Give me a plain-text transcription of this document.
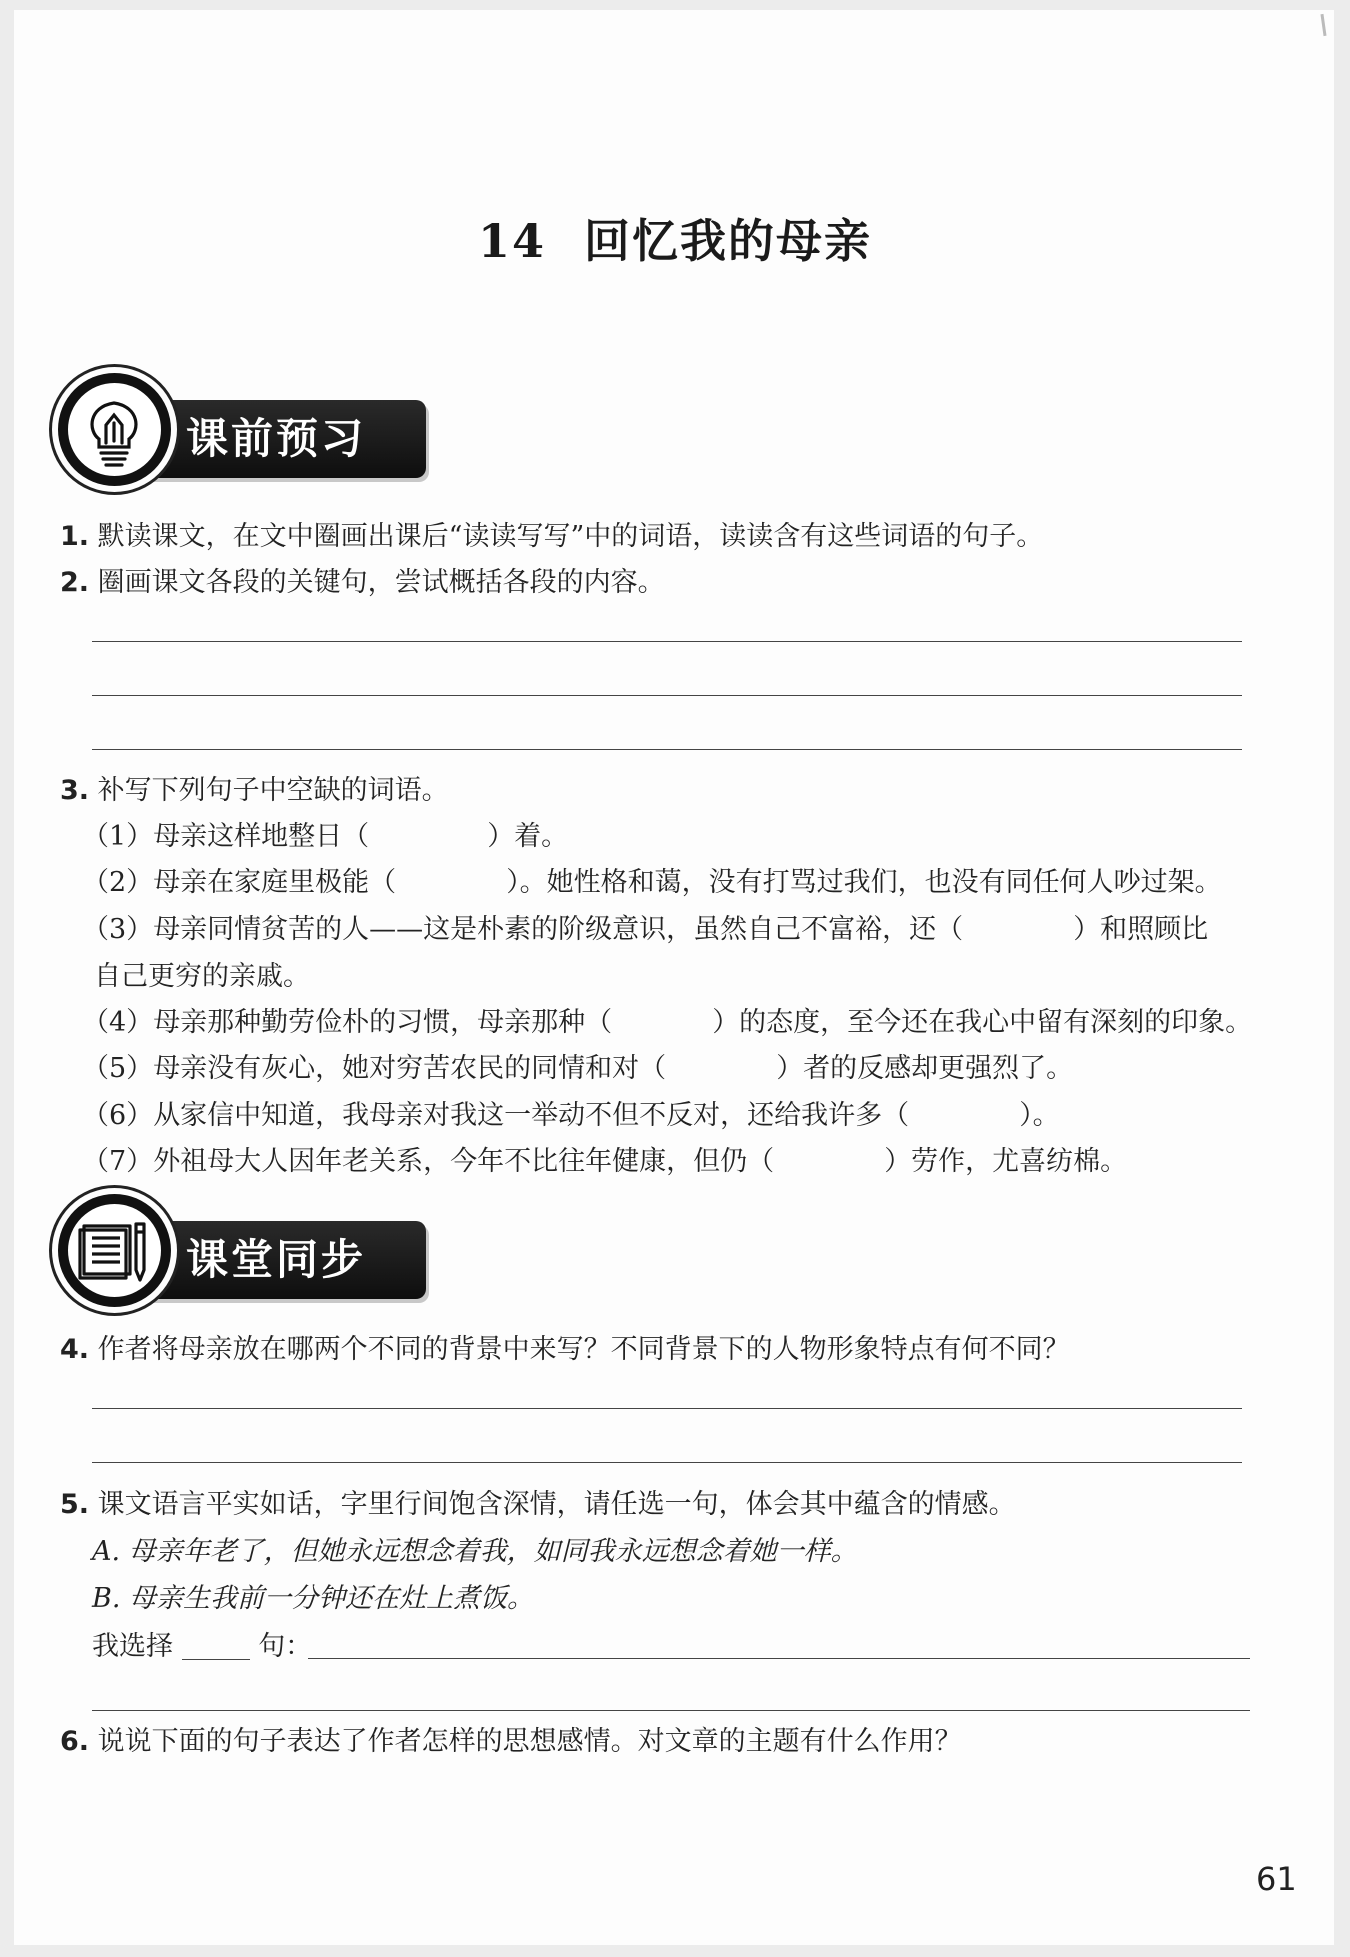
14 回忆我的母亲
课前预习
1. 默读课文，在文中圈画出课后“读读写写”中的词语，读读含有这些词语的句子。
2. 圈画课文各段的关键句，尝试概括各段的内容。
3. 补写下列句子中空缺的词语。
（1）母亲这样地整日（	）着。
（2）母亲在家庭里极能（	）。她性格和蔼，没有打骂过我们，也没有同任何人吵过架。
（3）母亲同情贫苦的人——这是朴素的阶级意识，虽然自己不富裕，还（	）和照顾比
自己更穷的亲戚。
（4）母亲那种勤劳俭朴的习惯，母亲那种（	）的态度，至今还在我心中留有深刻的印象。
（5）母亲没有灰心，她对穷苦农民的同情和对（	）者的反感却更强烈了。
（6）从家信中知道，我母亲对我这一举动不但不反对，还给我许多（	）。
（7）外祖母大人因年老关系，今年不比往年健康，但仍（	）劳作，尤喜纺棉。
课堂同步
4. 作者将母亲放在哪两个不同的背景中来写？不同背景下的人物形象特点有何不同？
5. 课文语言平实如话，字里行间饱含深情，请任选一句，体会其中蕴含的情感。
A. 母亲年老了，但她永远想念着我，如同我永远想念着她一样。
B. 母亲生我前一分钟还在灶上煮饭。
我选择	句：
6. 说说下面的句子表达了作者怎样的思想感情。对文章的主题有什么作用？
61
